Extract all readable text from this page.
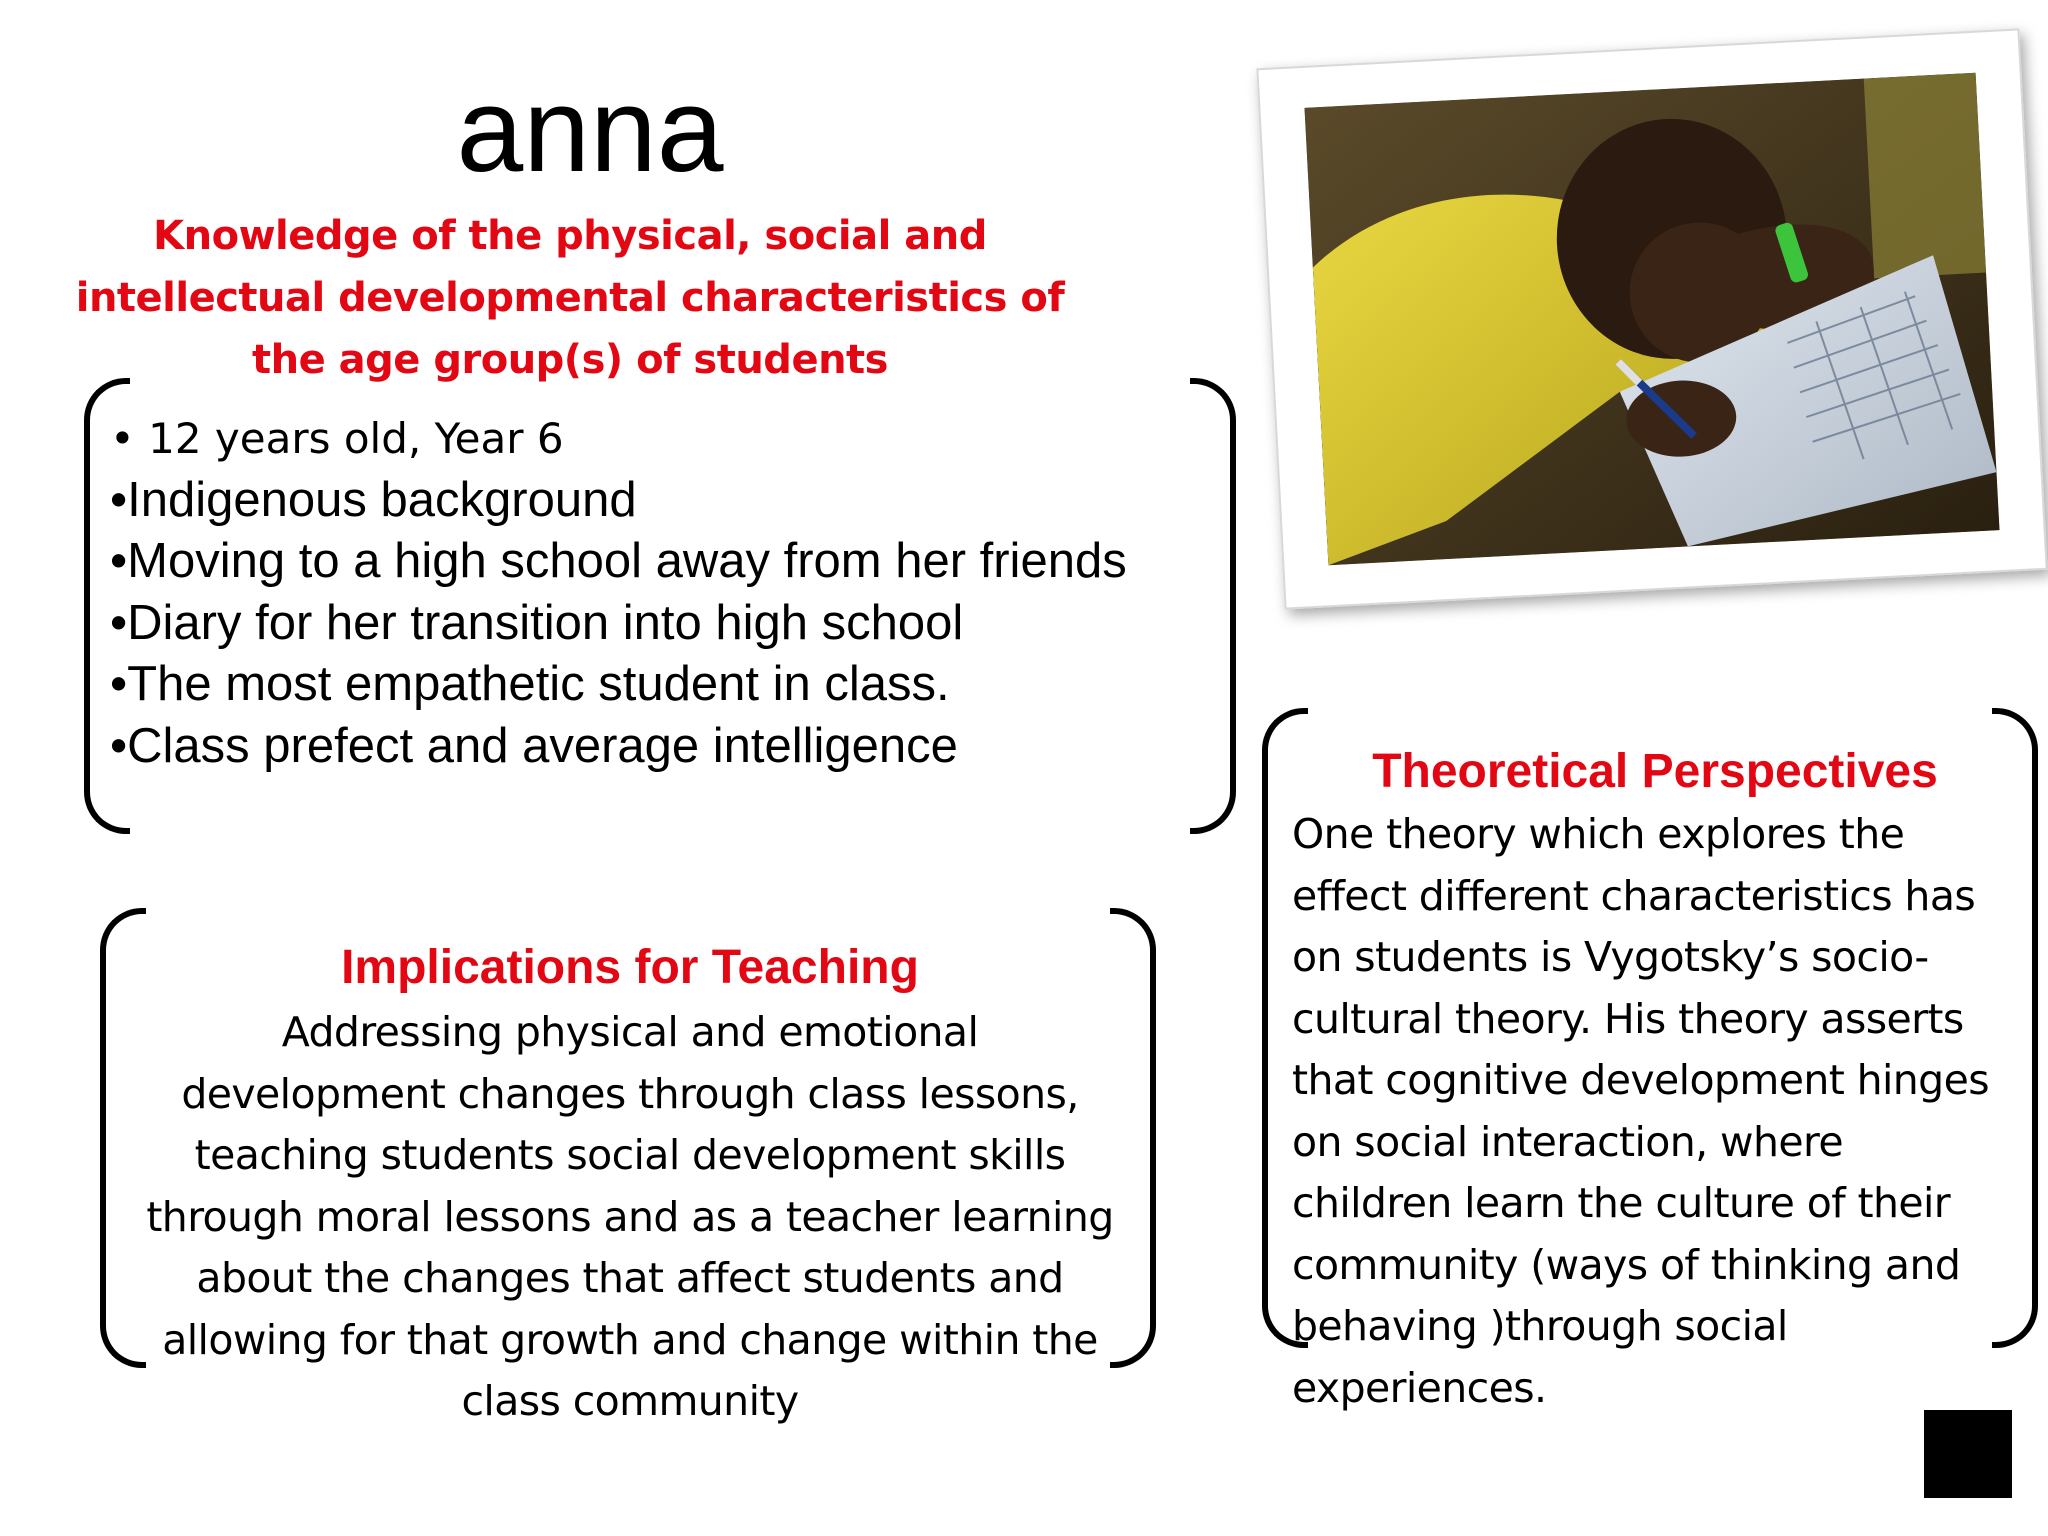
anna
Knowledge of the physical, social and
intellectual developmental characteristics of
the age group(s) of students
• 12 years old, Year 6
•Indigenous background
•Moving to a high school away from her friends
•Diary for her transition into high school
•The most empathetic student in class.
•Class prefect and average intelligence
Implications for Teaching
Addressing physical and emotional
development changes through class lessons,
teaching students social development skills
through moral lessons and as a teacher learning
about the changes that affect students and
allowing for that growth and change within the
class community
Theoretical Perspectives
One theory which explores the
effect different characteristics has
on students is Vygotsky’s socio-
cultural theory. His theory asserts
that cognitive development hinges
on social interaction, where
children learn the culture of their
community (ways of thinking and
behaving )through social
experiences.
